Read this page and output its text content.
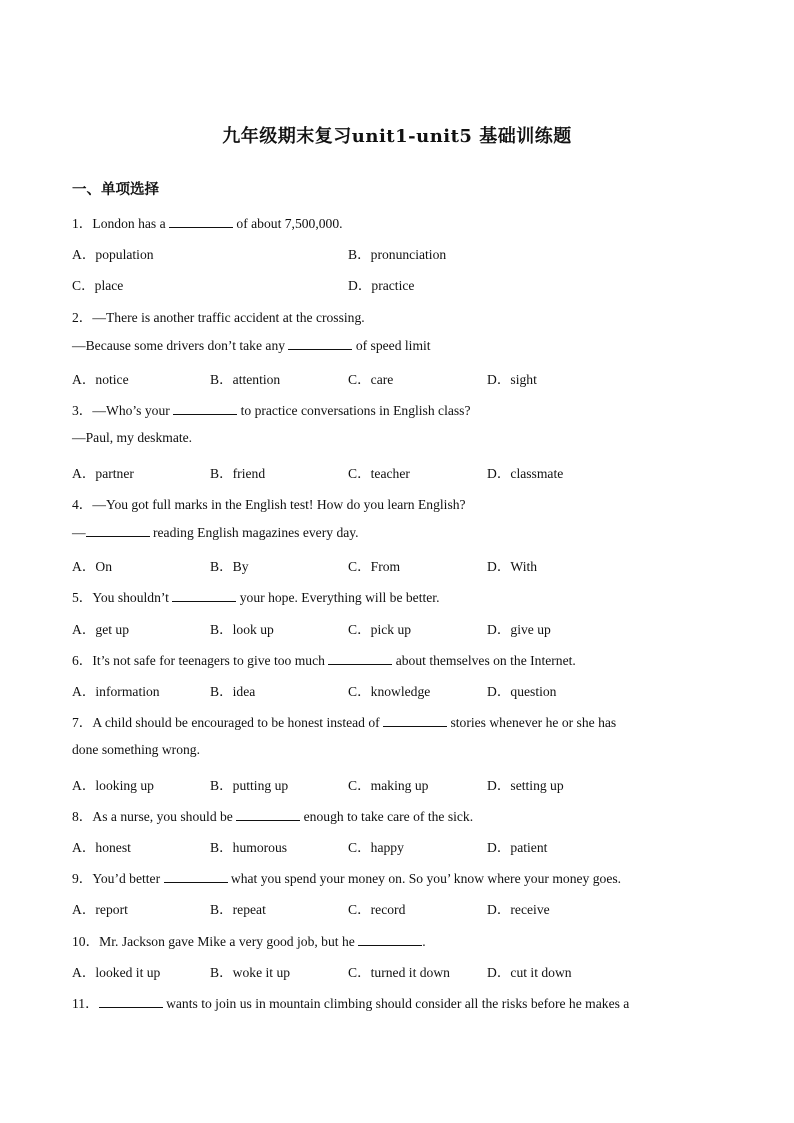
九年级期末复习unit1-unit5 基础训练题
一、单项选择
1．London has a	of about 7,500,000.
A．population	B．pronunciation
C．place	D．practice
2．—There is another traffic accident at the crossing.
—Because some drivers don’t take any	of speed limit
A．notice	B．attention	C．care	D．sight
3．—Who’s your	to practice conversations in English class?
—Paul, my deskmate.
A．partner	B．friend	C．teacher	D．classmate
4．—You got full marks in the English test! How do you learn English?
—	reading English magazines every day.
A．On	B．By	C．From	D．With
5．You shouldn’t	your hope. Everything will be better.
A．get up	B．look up	C．pick up	D．give up
6．It’s not safe for teenagers to give too much	about themselves on the Internet.
A．information	B．idea	C．knowledge	D．question
7．A child should be encouraged to be honest instead of	stories whenever he or she has
done something wrong.
A．looking up	B．putting up	C．making up	D．setting up
8．As a nurse, you should be	enough to take care of the sick.
A．honest	B．humorous	C．happy	D．patient
9．You’d better	what you spend your money on. So you’ know where your money goes.
A．report	B．repeat	C．record	D．receive
10．Mr. Jackson gave Mike a very good job, but he	.
A．looked it up	B．woke it up	C．turned it down	D．cut it down
11．	wants to join us in mountain climbing should consider all the risks before he makes a
